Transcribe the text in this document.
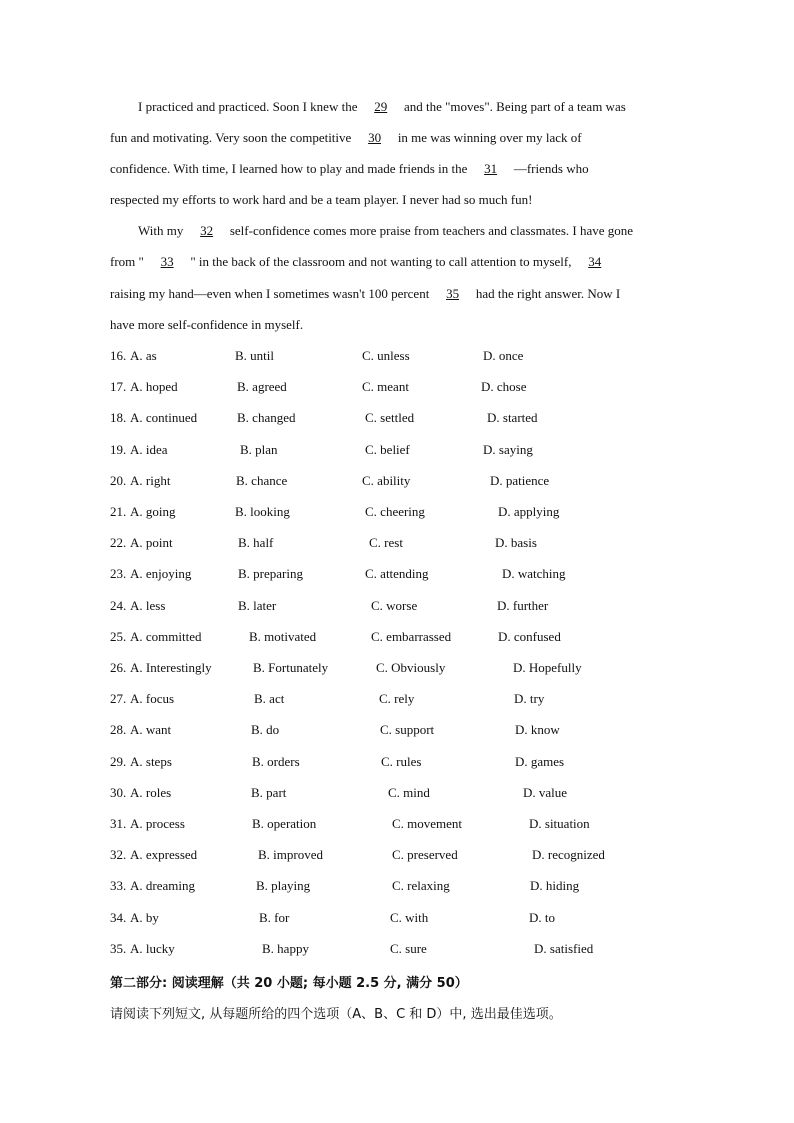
I practiced and practiced. Soon I knew the 29 and the "moves". Being part of a team was
fun and motivating. Very soon the competitive 30 in me was winning over my lack of
confidence. With time, I learned how to play and made friends in the 31 —friends who
respected my efforts to work hard and be a team player. I never had so much fun!
With my 32 self-confidence comes more praise from teachers and classmates. I have gone
from " 33 " in the back of the classroom and not wanting to call attention to myself, 34
raising my hand—even when I sometimes wasn't 100 percent 35 had the right answer. Now I
have more self-confidence in myself.
16. A. as	B. until	C. unless	D. once
17. A. hoped	B. agreed	C. meant	D. chose
18. A. continued	B. changed	C. settled	D. started
19. A. idea	B. plan	C. belief	D. saying
20. A. right	B. chance	C. ability	D. patience
21. A. going	B. looking	C. cheering	D. applying
22. A. point	B. half	C. rest	D. basis
23. A. enjoying	B. preparing	C. attending	D. watching
24. A. less	B. later	C. worse	D. further
25. A. committed	B. motivated	C. embarrassed	D. confused
26. A. Interestingly	B. Fortunately	C. Obviously	D. Hopefully
27. A. focus	B. act	C. rely	D. try
28. A. want	B. do	C. support	D. know
29. A. steps	B. orders	C. rules	D. games
30. A. roles	B. part	C. mind	D. value
31. A. process	B. operation	C. movement	D. situation
32. A. expressed	B. improved	C. preserved	D. recognized
33. A. dreaming	B. playing	C. relaxing	D. hiding
34. A. by	B. for	C. with	D. to
35. A. lucky	B. happy	C. sure	D. satisfied
第二部分: 阅读理解（共 20 小题; 每小题 2.5 分, 满分 50）
请阅读下列短文, 从每题所给的四个选项（A、B、C 和 D）中, 选出最佳选项。
